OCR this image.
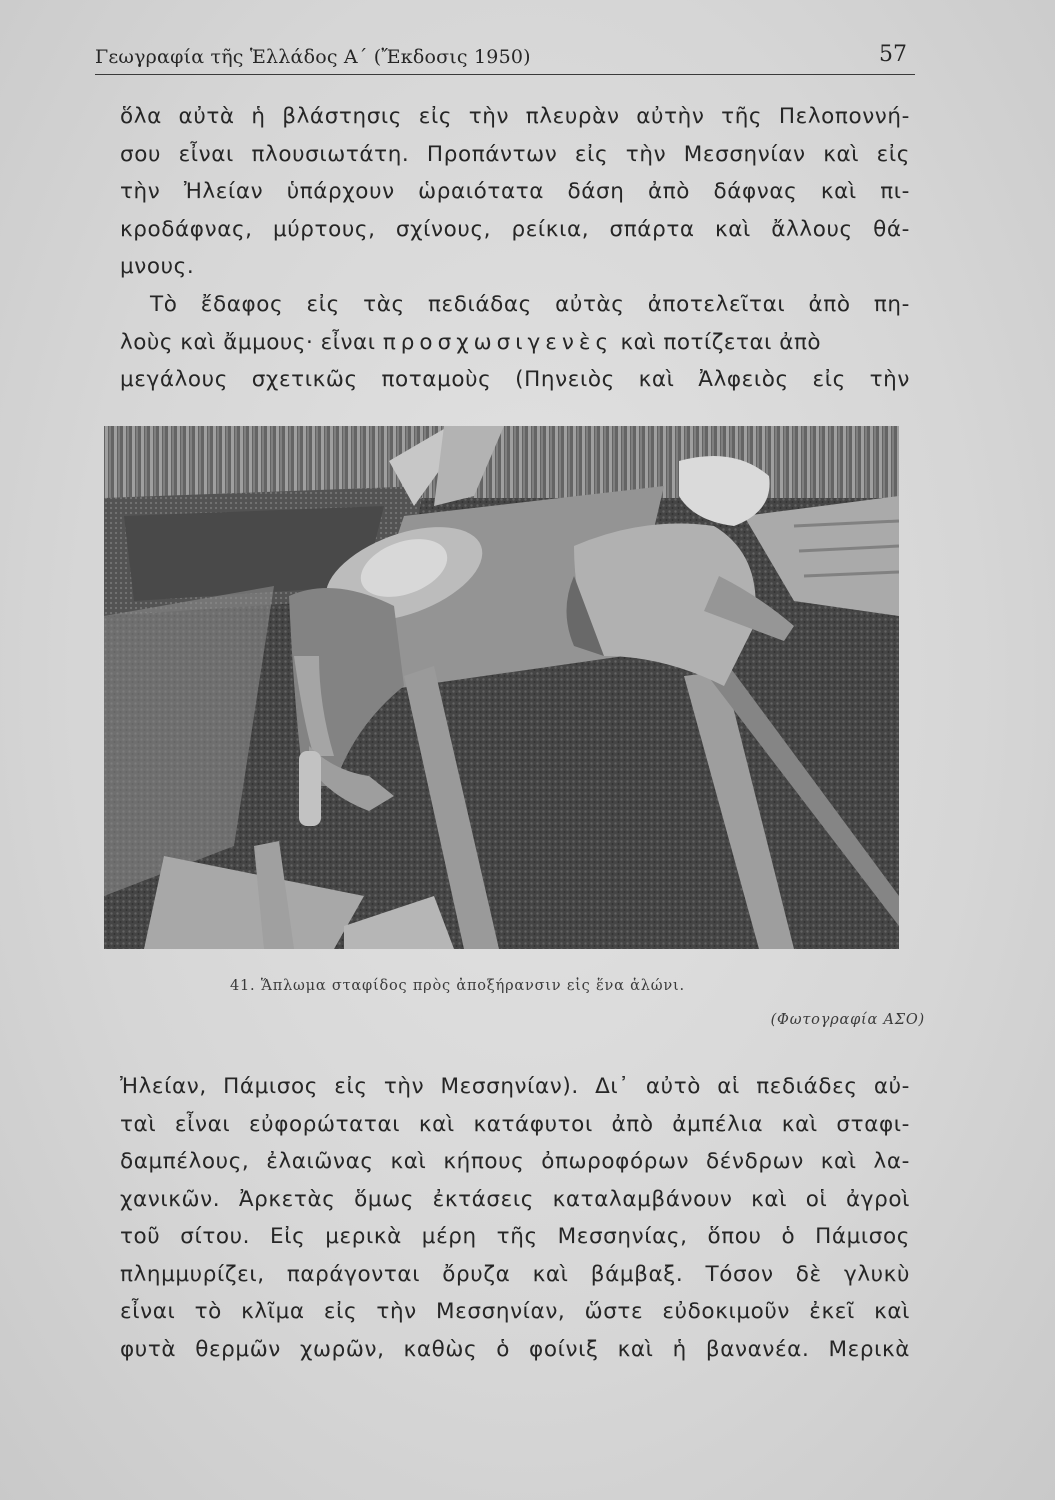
Γεωγραφία τῆς Ἑλλάδος Α΄ (Ἔκδοσις 1950)	57
ὅλα αὐτὰ ἡ βλάστησις εἰς τὴν πλευρὰν αὐτὴν τῆς Πελοποννή-
σου εἶναι πλουσιωτάτη. Προπάντων εἰς τὴν Μεσσηνίαν καὶ εἰς
τὴν Ἠλείαν ὑπάρχουν ὡραιότατα δάση ἀπὸ δάφνας καὶ πι-
κροδάφνας, μύρτους, σχίνους, ρείκια, σπάρτα καὶ ἄλλους θά-
μνους.
Τὸ ἔδαφος εἰς τὰς πεδιάδας αὐτὰς ἀποτελεῖται ἀπὸ πη-
λοὺς καὶ ἄμμους· εἶναι προσχωσιγενὲς καὶ ποτίζεται ἀπὸ
μεγάλους σχετικῶς ποταμοὺς (Πηνειὸς καὶ Ἀλφειὸς εἰς τὴν
41. Ἅπλωμα σταφίδος πρὸς ἀποξήρανσιν εἰς ἕνα ἁλώνι.
(Φωτογραφία ΑΣΟ)
Ἠλείαν, Πάμισος εἰς τὴν Μεσσηνίαν). Δι᾽ αὐτὸ αἱ πεδιάδες αὐ-
ταὶ εἶναι εὐφορώταται καὶ κατάφυτοι ἀπὸ ἀμπέλια καὶ σταφι-
δαμπέλους, ἐλαιῶνας καὶ κήπους ὀπωροφόρων δένδρων καὶ λα-
χανικῶν. Ἀρκετὰς ὅμως ἐκτάσεις καταλαμβάνουν καὶ οἱ ἀγροὶ
τοῦ σίτου. Εἰς μερικὰ μέρη τῆς Μεσσηνίας, ὅπου ὁ Πάμισος
πλημμυρίζει, παράγονται ὄρυζα καὶ βάμβαξ. Τόσον δὲ γλυκὺ
εἶναι τὸ κλῖμα εἰς τὴν Μεσσηνίαν, ὥστε εὐδοκιμοῦν ἐκεῖ καὶ
φυτὰ θερμῶν χωρῶν, καθὼς ὁ φοίνιξ καὶ ἡ βανανέα. Μερικὰ
